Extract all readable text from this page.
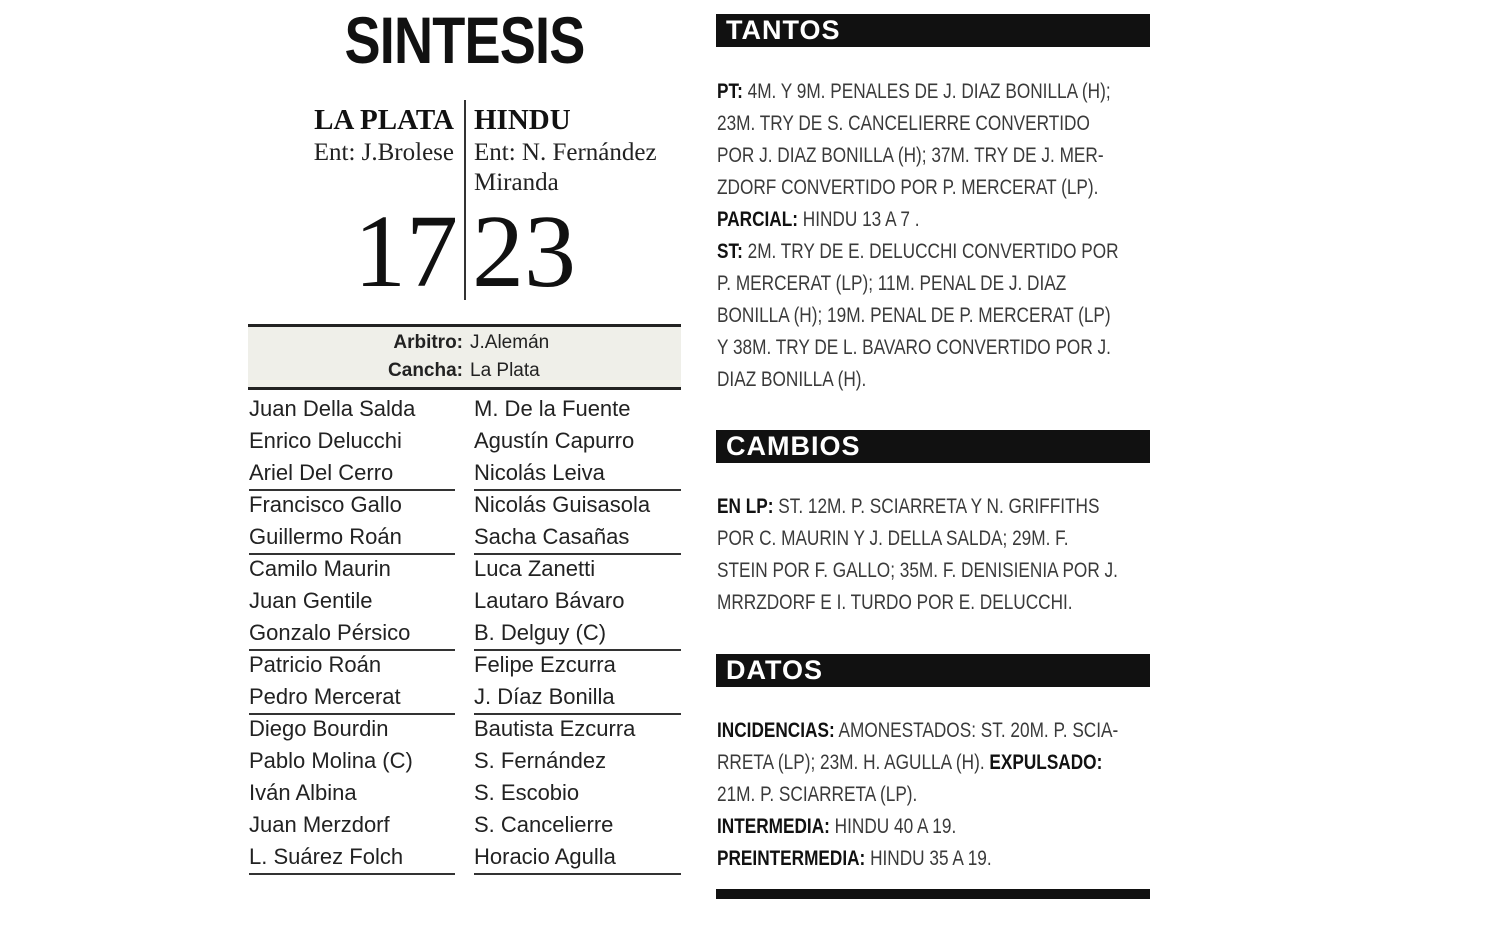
SINTESIS
LA PLATA HINDU
Ent: J.Brolese Ent: N. Fernández
Miranda
17 23
Arbitro: J.Alemán
Cancha: La Plata
Juan Della Salda
Enrico Delucchi
Ariel Del Cerro
Francisco Gallo
Guillermo Roán
Camilo Maurin
Juan Gentile
Gonzalo Pérsico
Patricio Roán
Pedro Mercerat
Diego Bourdin
Pablo Molina (C)
Iván Albina
Juan Merzdorf
L. Suárez Folch
M. De la Fuente
Agustín Capurro
Nicolás Leiva
Nicolás Guisasola
Sacha Casañas
Luca Zanetti
Lautaro Bávaro
B. Delguy (C)
Felipe Ezcurra
J. Díaz Bonilla
Bautista Ezcurra
S. Fernández
S. Escobio
S. Cancelierre
Horacio Agulla
TANTOS
PT: 4M. Y 9M. PENALES DE J. DIAZ BONILLA (H);
23M. TRY DE S. CANCELIERRE CONVERTIDO
POR J. DIAZ BONILLA (H); 37M. TRY DE J. MER-
ZDORF CONVERTIDO POR P. MERCERAT (LP).
PARCIAL: HINDU 13 A 7 .
ST: 2M. TRY DE E. DELUCCHI CONVERTIDO POR
P. MERCERAT (LP); 11M. PENAL DE J. DIAZ
BONILLA (H); 19M. PENAL DE P. MERCERAT (LP)
Y 38M. TRY DE L. BAVARO CONVERTIDO POR J.
DIAZ BONILLA (H).
CAMBIOS
EN LP: ST. 12M. P. SCIARRETA Y N. GRIFFITHS
POR C. MAURIN Y J. DELLA SALDA; 29M. F.
STEIN POR F. GALLO; 35M. F. DENISIENIA POR J.
MRRZDORF E I. TURDO POR E. DELUCCHI.
DATOS
INCIDENCIAS: AMONESTADOS: ST. 20M. P. SCIA-
RRETA (LP); 23M. H. AGULLA (H). EXPULSADO:
21M. P. SCIARRETA (LP).
INTERMEDIA: HINDU 40 A 19.
PREINTERMEDIA: HINDU 35 A 19.
